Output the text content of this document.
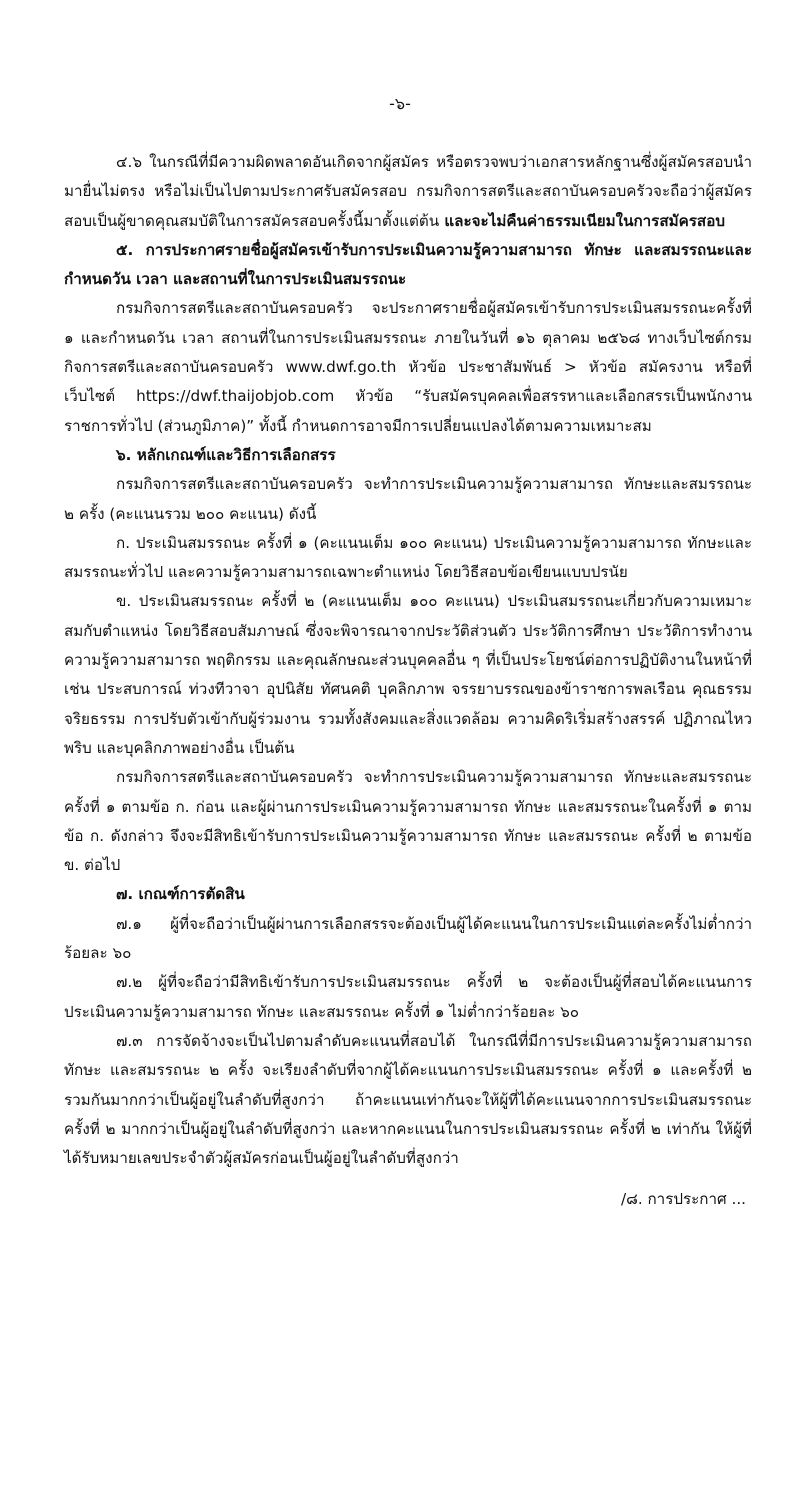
-๖-

๔.๖ ในกรณีที่มีความผิดพลาดอันเกิดจากผู้สมัคร หรือตรวจพบว่าเอกสารหลักฐานซึ่งผู้สมัครสอบนำมายื่นไม่ตรง หรือไม่เป็นไปตามประกาศรับสมัครสอบ กรมกิจการสตรีและสถาบันครอบครัวจะถือว่าผู้สมัครสอบเป็นผู้ขาดคุณสมบัติในการสมัครสอบครั้งนี้มาตั้งแต่ต้น และจะไม่คืนค่าธรรมเนียมในการสมัครสอบ

๕. การประกาศรายชื่อผู้สมัครเข้ารับการประเมินความรู้ความสามารถ ทักษะ และสมรรถนะและกำหนดวัน เวลา และสถานที่ในการประเมินสมรรถนะ

กรมกิจการสตรีและสถาบันครอบครัว จะประกาศรายชื่อผู้สมัครเข้ารับการประเมินสมรรถนะครั้งที่ ๑ และกำหนดวัน เวลา สถานที่ในการประเมินสมรรถนะ ภายในวันที่ ๑๖ ตุลาคม ๒๕๖๘ ทางเว็บไซต์กรมกิจการสตรีและสถาบันครอบครัว www.dwf.go.th หัวข้อ ประชาสัมพันธ์ > หัวข้อ สมัครงาน หรือที่เว็บไซต์ https://dwf.thaijobjob.com หัวข้อ “รับสมัครบุคคลเพื่อสรรหาและเลือกสรรเป็นพนักงานราชการทั่วไป (ส่วนภูมิภาค)” ทั้งนี้ กำหนดการอาจมีการเปลี่ยนแปลงได้ตามความเหมาะสม

๖. หลักเกณฑ์และวิธีการเลือกสรร

กรมกิจการสตรีและสถาบันครอบครัว จะทำการประเมินความรู้ความสามารถ ทักษะและสมรรถนะ ๒ ครั้ง (คะแนนรวม ๒๐๐ คะแนน) ดังนี้

ก. ประเมินสมรรถนะ ครั้งที่ ๑ (คะแนนเต็ม ๑๐๐ คะแนน) ประเมินความรู้ความสามารถ ทักษะและสมรรถนะทั่วไป และความรู้ความสามารถเฉพาะตำแหน่ง โดยวิธีสอบข้อเขียนแบบปรนัย

ข. ประเมินสมรรถนะ ครั้งที่ ๒ (คะแนนเต็ม ๑๐๐ คะแนน) ประเมินสมรรถนะเกี่ยวกับความเหมาะสมกับตำแหน่ง โดยวิธีสอบสัมภาษณ์ ซึ่งจะพิจารณาจากประวัติส่วนตัว ประวัติการศึกษา ประวัติการทำงาน ความรู้ความสามารถ พฤติกรรม และคุณลักษณะส่วนบุคคลอื่น ๆ ที่เป็นประโยชน์ต่อการปฏิบัติงานในหน้าที่ เช่น ประสบการณ์ ท่วงทีวาจา อุปนิสัย ทัศนคติ บุคลิกภาพ จรรยาบรรณของข้าราชการพลเรือน คุณธรรม จริยธรรม การปรับตัวเข้ากับผู้ร่วมงาน รวมทั้งสังคมและสิ่งแวดล้อม ความคิดริเริ่มสร้างสรรค์ ปฏิภาณไหวพริบ และบุคลิกภาพอย่างอื่น เป็นต้น

กรมกิจการสตรีและสถาบันครอบครัว จะทำการประเมินความรู้ความสามารถ ทักษะและสมรรถนะ ครั้งที่ ๑ ตามข้อ ก. ก่อน และผู้ผ่านการประเมินความรู้ความสามารถ ทักษะ และสมรรถนะในครั้งที่ ๑ ตามข้อ ก. ดังกล่าว จึงจะมีสิทธิเข้ารับการประเมินความรู้ความสามารถ ทักษะ และสมรรถนะ ครั้งที่ ๒ ตามข้อ ข. ต่อไป

๗. เกณฑ์การตัดสิน

๗.๑ ผู้ที่จะถือว่าเป็นผู้ผ่านการเลือกสรรจะต้องเป็นผู้ได้คะแนนในการประเมินแต่ละครั้งไม่ต่ำกว่าร้อยละ ๖๐

๗.๒ ผู้ที่จะถือว่ามีสิทธิเข้ารับการประเมินสมรรถนะ ครั้งที่ ๒ จะต้องเป็นผู้ที่สอบได้คะแนนการประเมินความรู้ความสามารถ ทักษะ และสมรรถนะ ครั้งที่ ๑ ไม่ต่ำกว่าร้อยละ ๖๐

๗.๓ การจัดจ้างจะเป็นไปตามลำดับคะแนนที่สอบได้ ในกรณีที่มีการประเมินความรู้ความสามารถ ทักษะ และสมรรถนะ ๒ ครั้ง จะเรียงลำดับที่จากผู้ได้คะแนนการประเมินสมรรถนะ ครั้งที่ ๑ และครั้งที่ ๒ รวมกันมากกว่าเป็นผู้อยู่ในลำดับที่สูงกว่า ถ้าคะแนนเท่ากันจะให้ผู้ที่ได้คะแนนจากการประเมินสมรรถนะ ครั้งที่ ๒ มากกว่าเป็นผู้อยู่ในลำดับที่สูงกว่า และหากคะแนนในการประเมินสมรรถนะ ครั้งที่ ๒ เท่ากัน ให้ผู้ที่ได้รับหมายเลขประจำตัวผู้สมัครก่อนเป็นผู้อยู่ในลำดับที่สูงกว่า

/๘. การประกาศ ...
